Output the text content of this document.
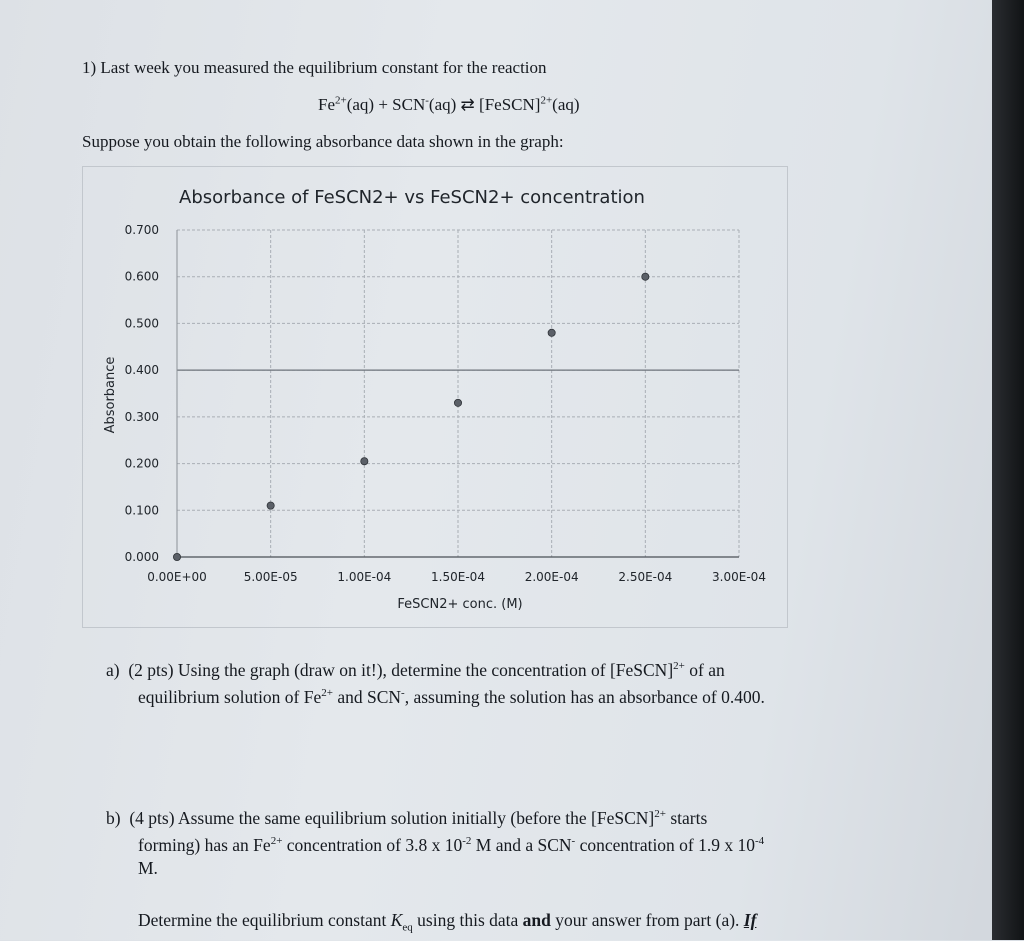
1) Last week you measured the equilibrium constant for the reaction
$Fe^{2+}(aq) + SCN^-(aq)$ ⇄ [FeSCN]$^{2+}$(aq)
Suppose you obtain the following absorbance data shown in the graph:
Absorbance of FeSCN2+ vs FeSCN2+ concentration
0.000
0.100
0.200
0.300
0.400
0.500
0.600
0.700
0.00E+00	5.00E-05	1.00E-04	1.50E-04	2.00E-04	2.50E-04	3.00E-04
Absorbance
FeSCN2+ conc. (M)
a) (2 pts) Using the graph (draw on it!), determine the concentration of [FeSCN]$^{2+}$ of an
equilibrium solution of $Fe^{2+}$ and SCN-, assuming the solution has an absorbance of 0.400.
b) (4 pts) Assume the same equilibrium solution initially (before the [FeSCN]$^{2+}$ starts
forming) has an $Fe^{2+}$ concentration of 3.8 x $10^{-2}$ M and a SCN- concentration of 1.9 x $10^{-4}$
M.
Determine the equilibrium constant $K_{eq}$ using this data and your answer from part (a). If
